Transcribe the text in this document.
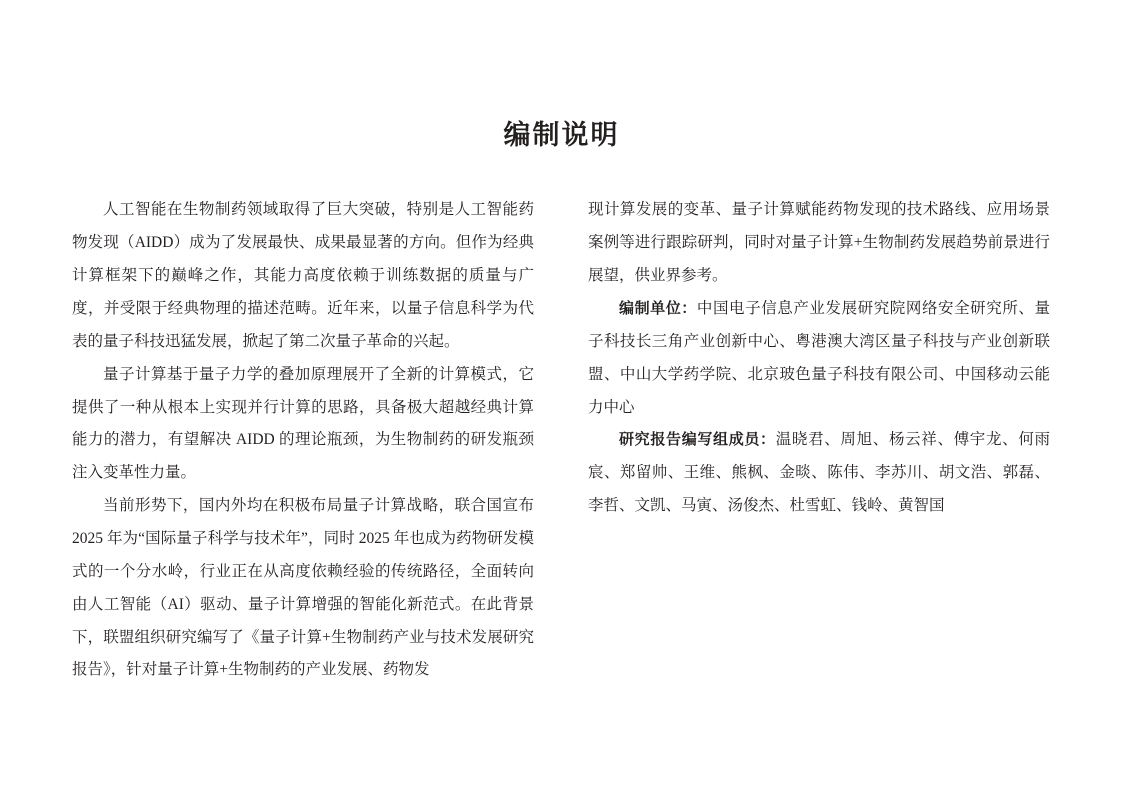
编制说明

人工智能在生物制药领域取得了巨大突破，特别是人工智能药物发现（AIDD）成为了发展最快、成果最显著的方向。但作为经典计算框架下的巅峰之作，其能力高度依赖于训练数据的质量与广度，并受限于经典物理的描述范畴。近年来，以量子信息科学为代表的量子科技迅猛发展，掀起了第二次量子革命的兴起。

量子计算基于量子力学的叠加原理展开了全新的计算模式，它提供了一种从根本上实现并行计算的思路，具备极大超越经典计算能力的潜力，有望解决 AIDD 的理论瓶颈，为生物制药的研发瓶颈注入变革性力量。

当前形势下，国内外均在积极布局量子计算战略，联合国宣布 2025 年为“国际量子科学与技术年”，同时 2025 年也成为药物研发模式的一个分水岭，行业正在从高度依赖经验的传统路径，全面转向由人工智能（AI）驱动、量子计算增强的智能化新范式。在此背景下，联盟组织研究编写了《量子计算+生物制药产业与技术发展研究报告》，针对量子计算+生物制药的产业发展、药物发

现计算发展的变革、量子计算赋能药物发现的技术路线、应用场景案例等进行跟踪研判，同时对量子计算+生物制药发展趋势前景进行展望，供业界参考。

编制单位：中国电子信息产业发展研究院网络安全研究所、量子科技长三角产业创新中心、粤港澳大湾区量子科技与产业创新联盟、中山大学药学院、北京玻色量子科技有限公司、中国移动云能力中心

研究报告编写组成员：温晓君、周旭、杨云祥、傅宇龙、何雨宸、郑留帅、王维、熊枫、金晱、陈伟、李苏川、胡文浩、郭磊、李哲、文凯、马寅、汤俊杰、杜雪虹、钱岭、黄智国
